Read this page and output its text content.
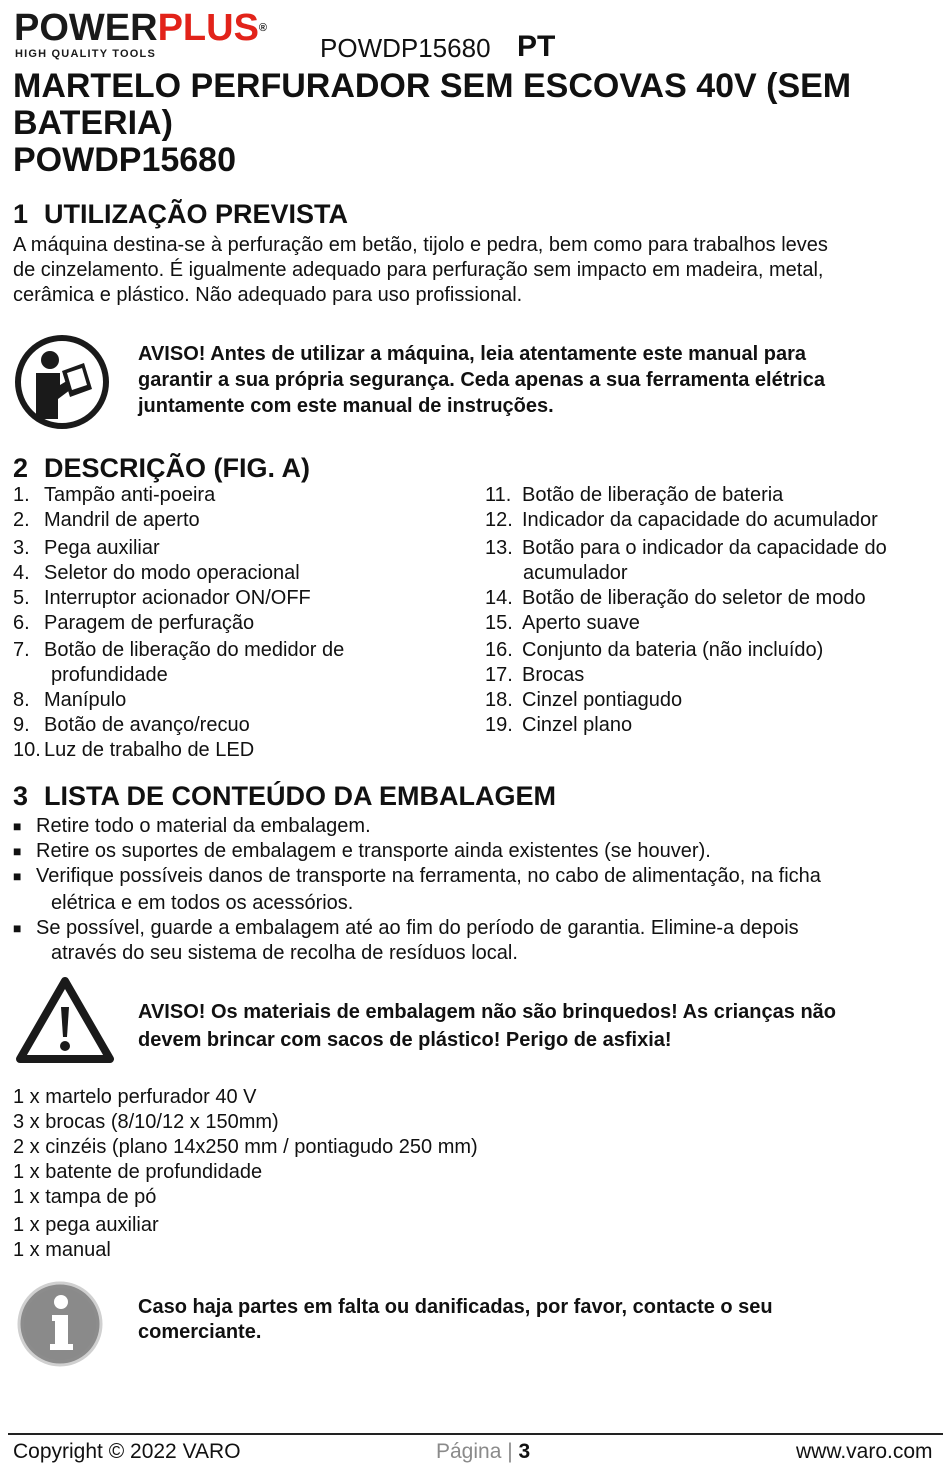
POWERPLUS®
HIGH QUALITY TOOLS	POWDP15680 PT
MARTELO PERFURADOR SEM ESCOVAS 40V (SEM
BATERIA)
POWDP15680
1 UTILIZAÇÃO PREVISTA
A máquina destina-se à perfuração em betão, tijolo e pedra, bem como para trabalhos leves
de cinzelamento. É igualmente adequado para perfuração sem impacto em madeira, metal,
cerâmica e plástico. Não adequado para uso profissional.
AVISO! Antes de utilizar a máquina, leia atentamente este manual para
garantir a sua própria segurança. Ceda apenas a sua ferramenta elétrica
juntamente com este manual de instruções.
2 DESCRIÇÃO (FIG. A)
1. Tampão anti-poeira
2. Mandril de aperto
3. Pega auxiliar
4. Seletor do modo operacional
5. Interruptor acionador ON/OFF
6. Paragem de perfuração
7. Botão de liberação do medidor de
profundidade
8. Manípulo
9. Botão de avanço/recuo
10. Luz de trabalho de LED
11. Botão de liberação de bateria
12. Indicador da capacidade do acumulador
13. Botão para o indicador da capacidade do
acumulador
14. Botão de liberação do seletor de modo
15. Aperto suave
16. Conjunto da bateria (não incluído)
17. Brocas
18. Cinzel pontiagudo
19. Cinzel plano
3 LISTA DE CONTEÚDO DA EMBALAGEM
■ Retire todo o material da embalagem.
■ Retire os suportes de embalagem e transporte ainda existentes (se houver).
■ Verifique possíveis danos de transporte na ferramenta, no cabo de alimentação, na ficha
elétrica e em todos os acessórios.
■ Se possível, guarde a embalagem até ao fim do período de garantia. Elimine-a depois
através do seu sistema de recolha de resíduos local.
AVISO! Os materiais de embalagem não são brinquedos! As crianças não
devem brincar com sacos de plástico! Perigo de asfixia!
1 x martelo perfurador 40 V
3 x brocas (8/10/12 x 150mm)
2 x cinzéis (plano 14x250 mm / pontiagudo 250 mm)
1 x batente de profundidade
1 x tampa de pó
1 x pega auxiliar
1 x manual
Caso haja partes em falta ou danificadas, por favor, contacte o seu
comerciante.
Copyright © 2022 VARO	Página | 3	www.varo.com
